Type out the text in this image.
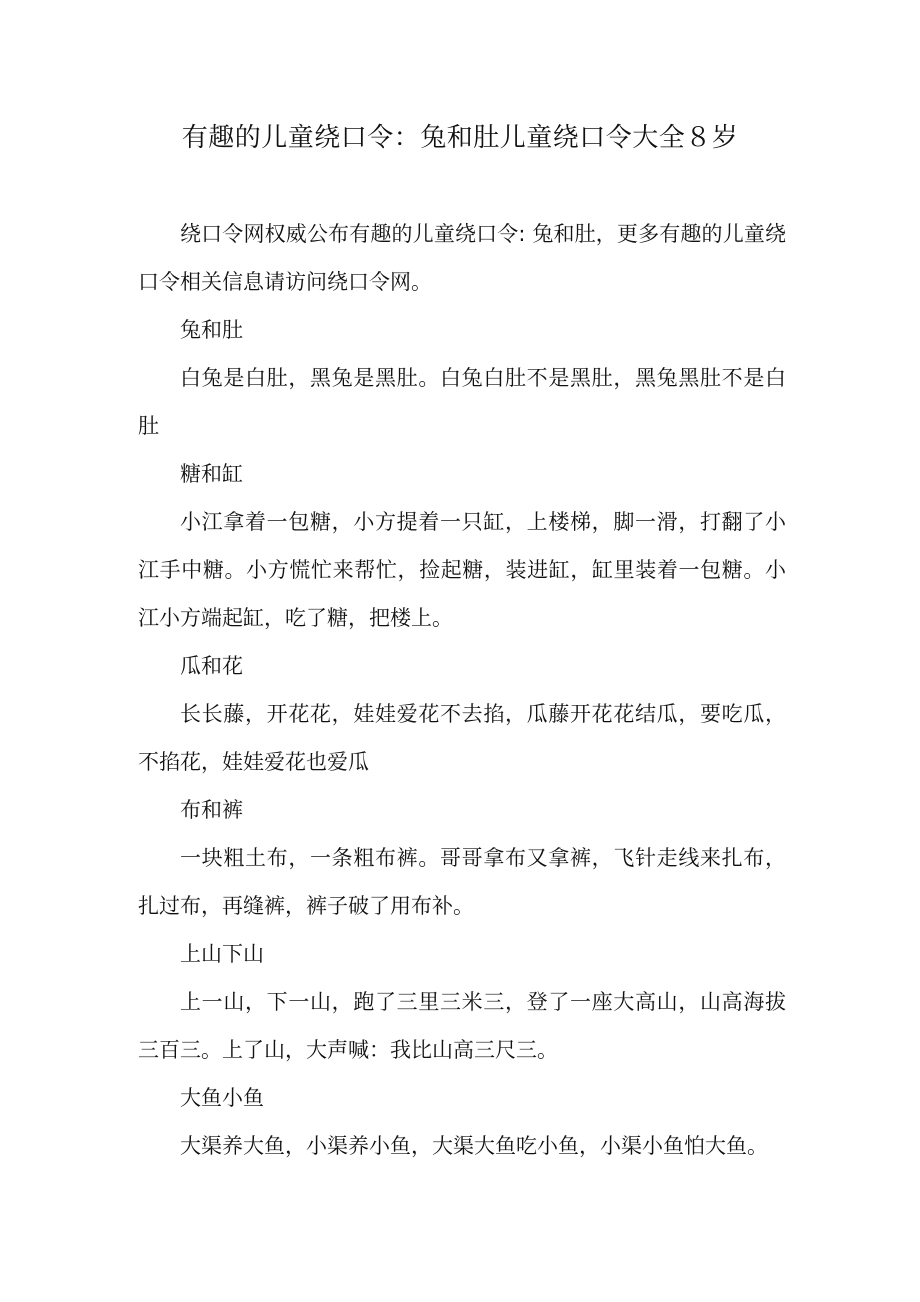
有趣的儿童绕口令：兔和肚儿童绕口令大全８岁

绕口令网权威公布有趣的儿童绕口令: 兔和肚，更多有趣的儿童绕口令相关信息请访问绕口令网。

兔和肚

白兔是白肚，黑兔是黑肚。白兔白肚不是黑肚，黑兔黑肚不是白肚

糖和缸

小江拿着一包糖，小方提着一只缸，上楼梯，脚一滑，打翻了小江手中糖。小方慌忙来帮忙，捡起糖，装进缸，缸里装着一包糖。小江小方端起缸，吃了糖，把楼上。

瓜和花

长长藤，开花花，娃娃爱花不去掐，瓜藤开花花结瓜，要吃瓜，不掐花，娃娃爱花也爱瓜

布和裤

一块粗土布，一条粗布裤。哥哥拿布又拿裤，飞针走线来扎布，扎过布，再缝裤，裤子破了用布补。

上山下山

上一山，下一山，跑了三里三米三，登了一座大高山，山高海拔三百三。上了山，大声喊：我比山高三尺三。

大鱼小鱼

大渠养大鱼，小渠养小鱼，大渠大鱼吃小鱼，小渠小鱼怕大鱼。
